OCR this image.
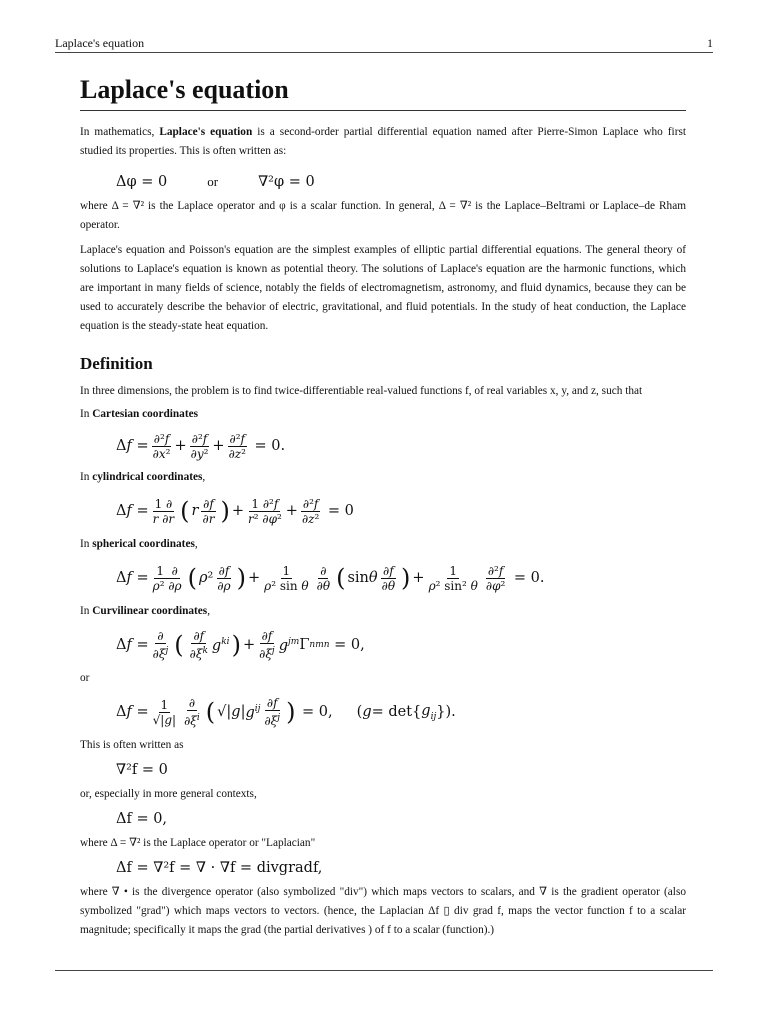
Laplace's equation	1
Laplace's equation

In mathematics, Laplace's equation is a second-order partial differential equation named after Pierre-Simon Laplace who first studied its properties. This is often written as:

Δφ = 0	or	∇²φ = 0

where Δ = ∇² is the Laplace operator and φ is a scalar function. In general, Δ = ∇² is the Laplace–Beltrami or Laplace–de Rham operator.

Laplace's equation and Poisson's equation are the simplest examples of elliptic partial differential equations. The general theory of solutions to Laplace's equation is known as potential theory. The solutions of Laplace's equation are the harmonic functions, which are important in many fields of science, notably the fields of electromagnetism, astronomy, and fluid dynamics, because they can be used to accurately describe the behavior of electric, gravitational, and fluid potentials. In the study of heat conduction, the Laplace equation is the steady-state heat equation.

Definition

In three dimensions, the problem is to find twice-differentiable real-valued functions f, of real variables x, y, and z, such that

In Cartesian coordinates

Δ $f = \frac{\text{∂²f}}{\text{∂x²}} + \frac{\text{∂²f}}{\text{∂y²}} + \frac{\text{∂²f}}{\text{∂z²}} = 0$.

In cylindrical coordinates,

Δ $f = \frac{1 \partial}{r \partial r}$ ( r $\frac{\partial f}{\partial r}$ ) + $\frac{\text{1 ∂²f}}{\text{r² ∂φ²}} + \frac{\text{∂²f}}{\text{∂z²}} = 0$

In spherical coordinates,

Δ $f = \frac{1 \partial}{\text{ρ² ∂ρ}}$ ( ρ $^2 \frac{\partial f}{\partial\rho}$ ) + $\frac{1}{\text{ρ² sin θ}} \frac{\partial}{\partial\theta}$ ( sin θ $\frac{\partial f}{\partial\theta}$ ) + $\frac{1}{\text{ρ² sin² θ}} \frac{\text{∂²f}}{\text{∂φ²}} = 0$.

In Curvilinear coordinates,

Δ $f = \frac{\partial}{\partial\xi^j}$ ( $\frac{\partial f}{\partial\xi^k} g^{ki}$ ) + $\frac{\partial f}{\partial\xi^j} g^{jm}$ Γ n mn = 0,

or

Δ $f = \frac{1}{√|g|} \frac{\partial}{\partial\xi^i}$ ( √| g | $g^{ij} \frac{\partial f}{\partial\xi^j}$ ) = 0, ( g = det{ $g_{ij}$ }).

This is often written as

∇²f = 0

or, especially in more general contexts,

Δf = 0,

where Δ = ∇² is the Laplace operator or "Laplacian"

Δf = ∇²f = ∇ · ∇f = divgradf,

where ∇ • is the divergence operator (also symbolized "div") which maps vectors to scalars, and ∇ is the gradient operator (also symbolized "grad") which maps vectors to vectors. (hence, the Laplacian Δf ▯ div grad f, maps the vector function f to a scalar magnitude; specifically it maps the grad (the partial derivatives ) of f to a scalar (function).)
